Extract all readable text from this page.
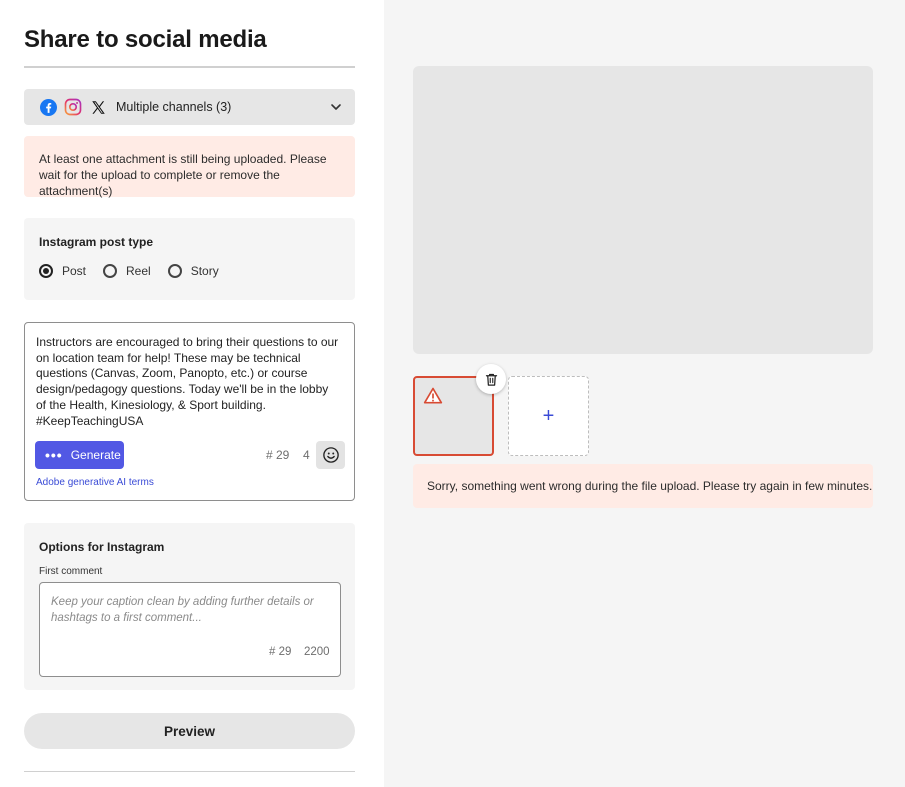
Share to social media
Multiple channels (3)
At least one attachment is still being uploaded. Please wait for the upload to complete or remove the attachment(s)
Instagram post type
Post	Reel	Story
Instructors are encouraged to bring their questions to our on location team for help! These may be technical questions (Canvas, Zoom, Panopto, etc.) or course design/pedagogy questions. Today we'll be in the lobby of the Health, Kinesiology, & Sport building. #KeepTeachingUSA
••• Generate	# 29 4
Adobe generative AI terms
Options for Instagram
First comment
Keep your caption clean by adding further details or hashtags to a first comment...
# 29 2200
Preview
+
Sorry, something went wrong during the file upload. Please try again in few minutes.
